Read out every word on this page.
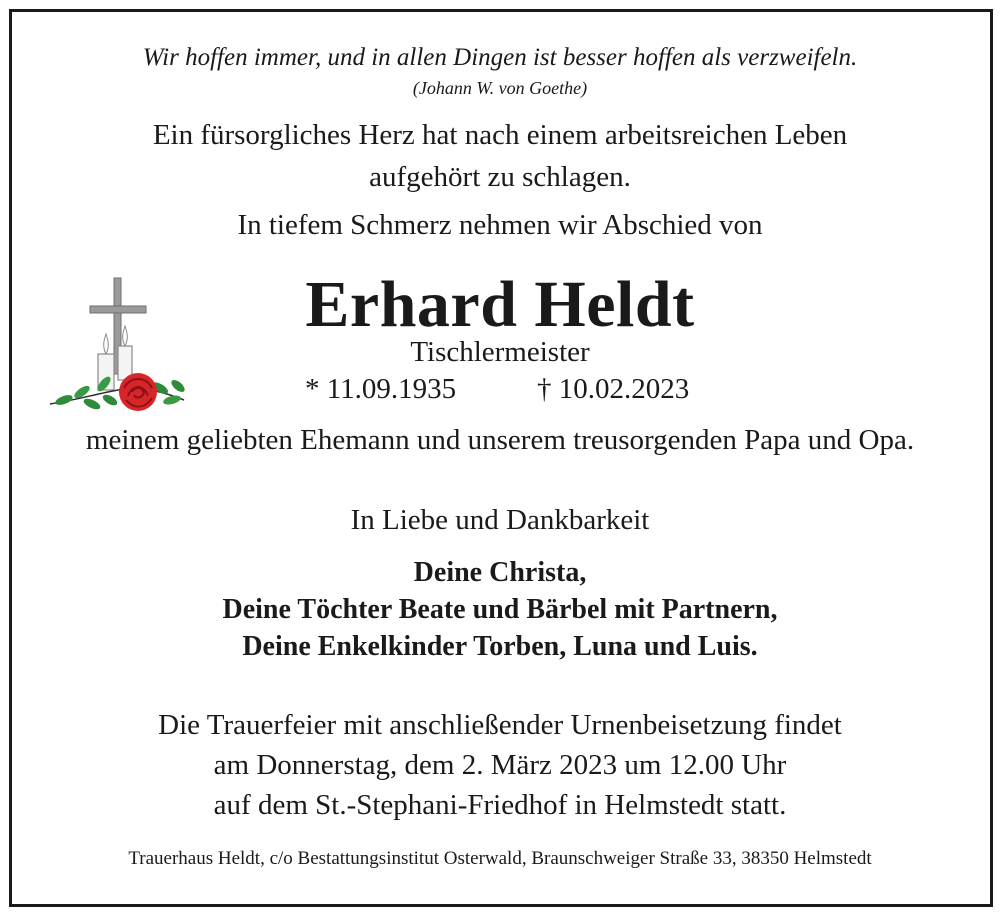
Wir hoffen immer, und in allen Dingen ist besser hoffen als verzweifeln.

(Johann W. von Goethe)

Ein fürsorgliches Herz hat nach einem arbeitsreichen Leben

aufgehört zu schlagen.

In tiefem Schmerz nehmen wir Abschied von

Erhard Heldt

Tischlermeister

* 11.09.1935	† 10.02.2023

meinem geliebten Ehemann und unserem treusorgenden Papa und Opa.

In Liebe und Dankbarkeit

Deine Christa,

Deine Töchter Beate und Bärbel mit Partnern,

Deine Enkelkinder Torben, Luna und Luis.

Die Trauerfeier mit anschließender Urnenbeisetzung findet

am Donnerstag, dem 2. März 2023 um 12.00 Uhr

auf dem St.-Stephani-Friedhof in Helmstedt statt.

Trauerhaus Heldt, c/o Bestattungsinstitut Osterwald, Braunschweiger Straße 33, 38350 Helmstedt
